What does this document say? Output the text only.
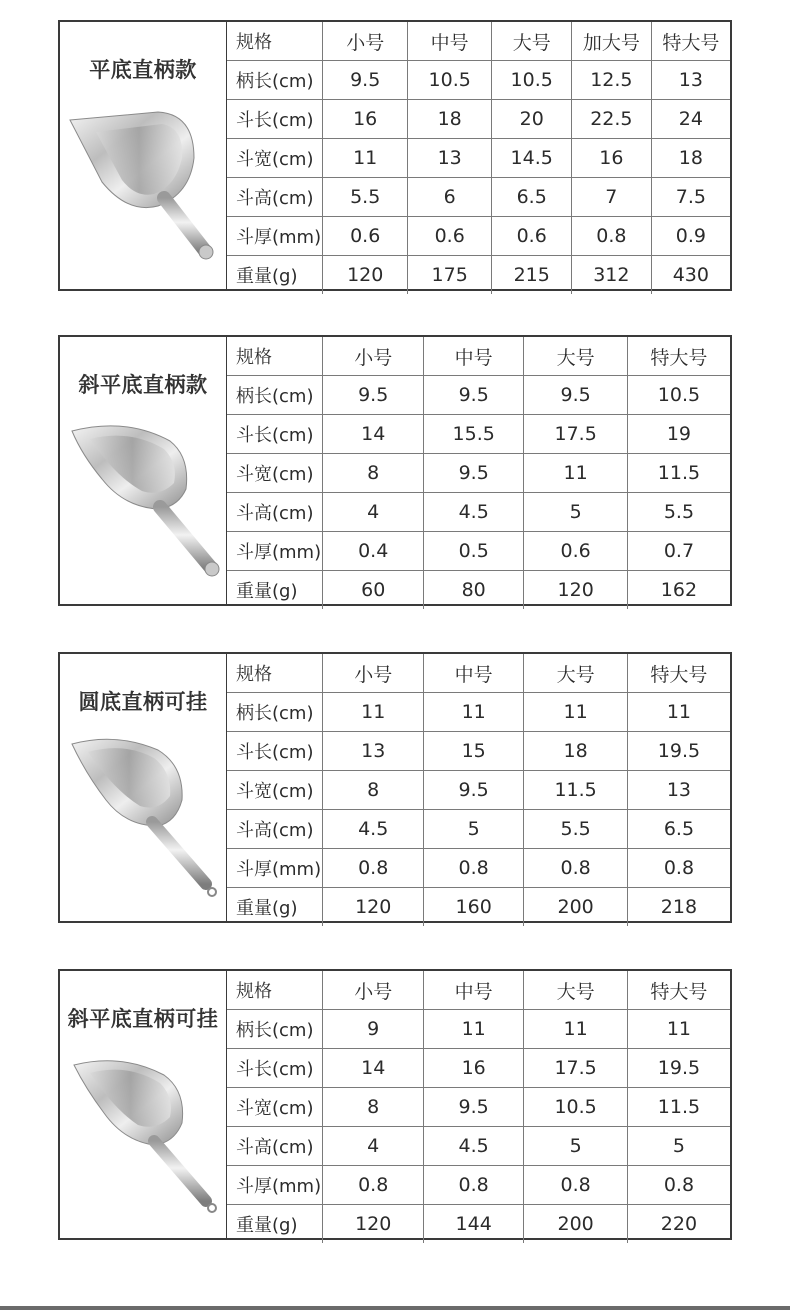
平底直柄款
规格	小号	中号	大号	加大号	特大号
柄长(cm)	9.5	10.5	10.5	12.5	13
斗长(cm)	16	18	20	22.5	24
斗宽(cm)	11	13	14.5	16	18
斗高(cm)	5.5	6	6.5	7	7.5
斗厚(mm)	0.6	0.6	0.6	0.8	0.9
重量(g)	120	175	215	312	430
斜平底直柄款
规格	小号	中号	大号	特大号
柄长(cm)	9.5	9.5	9.5	10.5
斗长(cm)	14	15.5	17.5	19
斗宽(cm)	8	9.5	11	11.5
斗高(cm)	4	4.5	5	5.5
斗厚(mm)	0.4	0.5	0.6	0.7
重量(g)	60	80	120	162
圆底直柄可挂
规格	小号	中号	大号	特大号
柄长(cm)	11	11	11	11
斗长(cm)	13	15	18	19.5
斗宽(cm)	8	9.5	11.5	13
斗高(cm)	4.5	5	5.5	6.5
斗厚(mm)	0.8	0.8	0.8	0.8
重量(g)	120	160	200	218
斜平底直柄可挂
规格	小号	中号	大号	特大号
柄长(cm)	9	11	11	11
斗长(cm)	14	16	17.5	19.5
斗宽(cm)	8	9.5	10.5	11.5
斗高(cm)	4	4.5	5	5
斗厚(mm)	0.8	0.8	0.8	0.8
重量(g)	120	144	200	220
